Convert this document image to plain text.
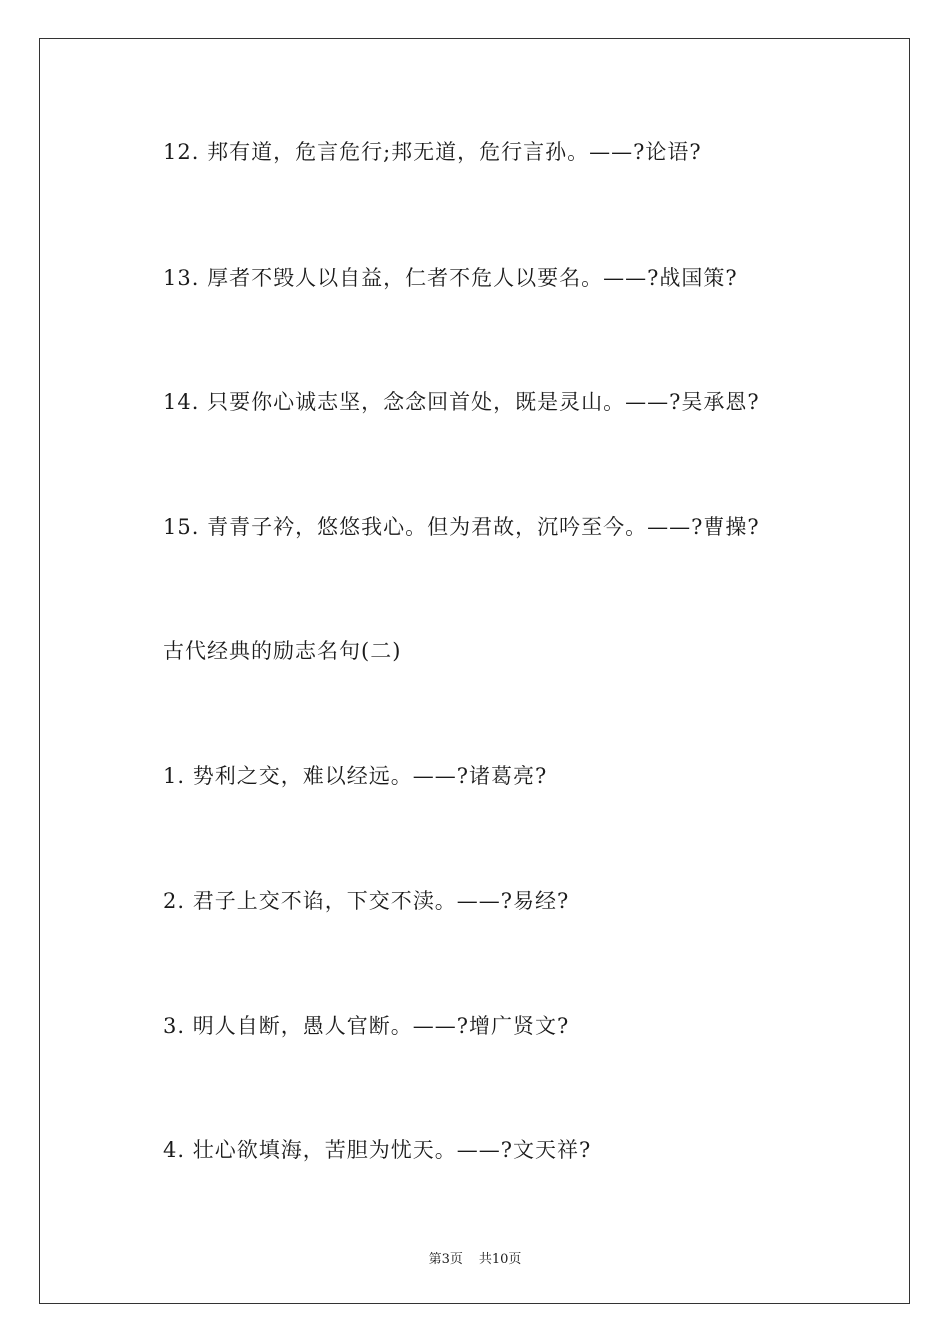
12. 邦有道，危言危行;邦无道，危行言孙。——?论语?
13. 厚者不毁人以自益，仁者不危人以要名。——?战国策?
14. 只要你心诚志坚，念念回首处，既是灵山。——?吴承恩?
15. 青青子衿，悠悠我心。但为君故，沉吟至今。——?曹操?
古代经典的励志名句(二)
1. 势利之交，难以经远。——?诸葛亮?
2. 君子上交不谄，下交不渎。——?易经?
3. 明人自断，愚人官断。——?增广贤文?
4. 壮心欲填海，苦胆为忧天。——?文天祥?
第3页 共10页
